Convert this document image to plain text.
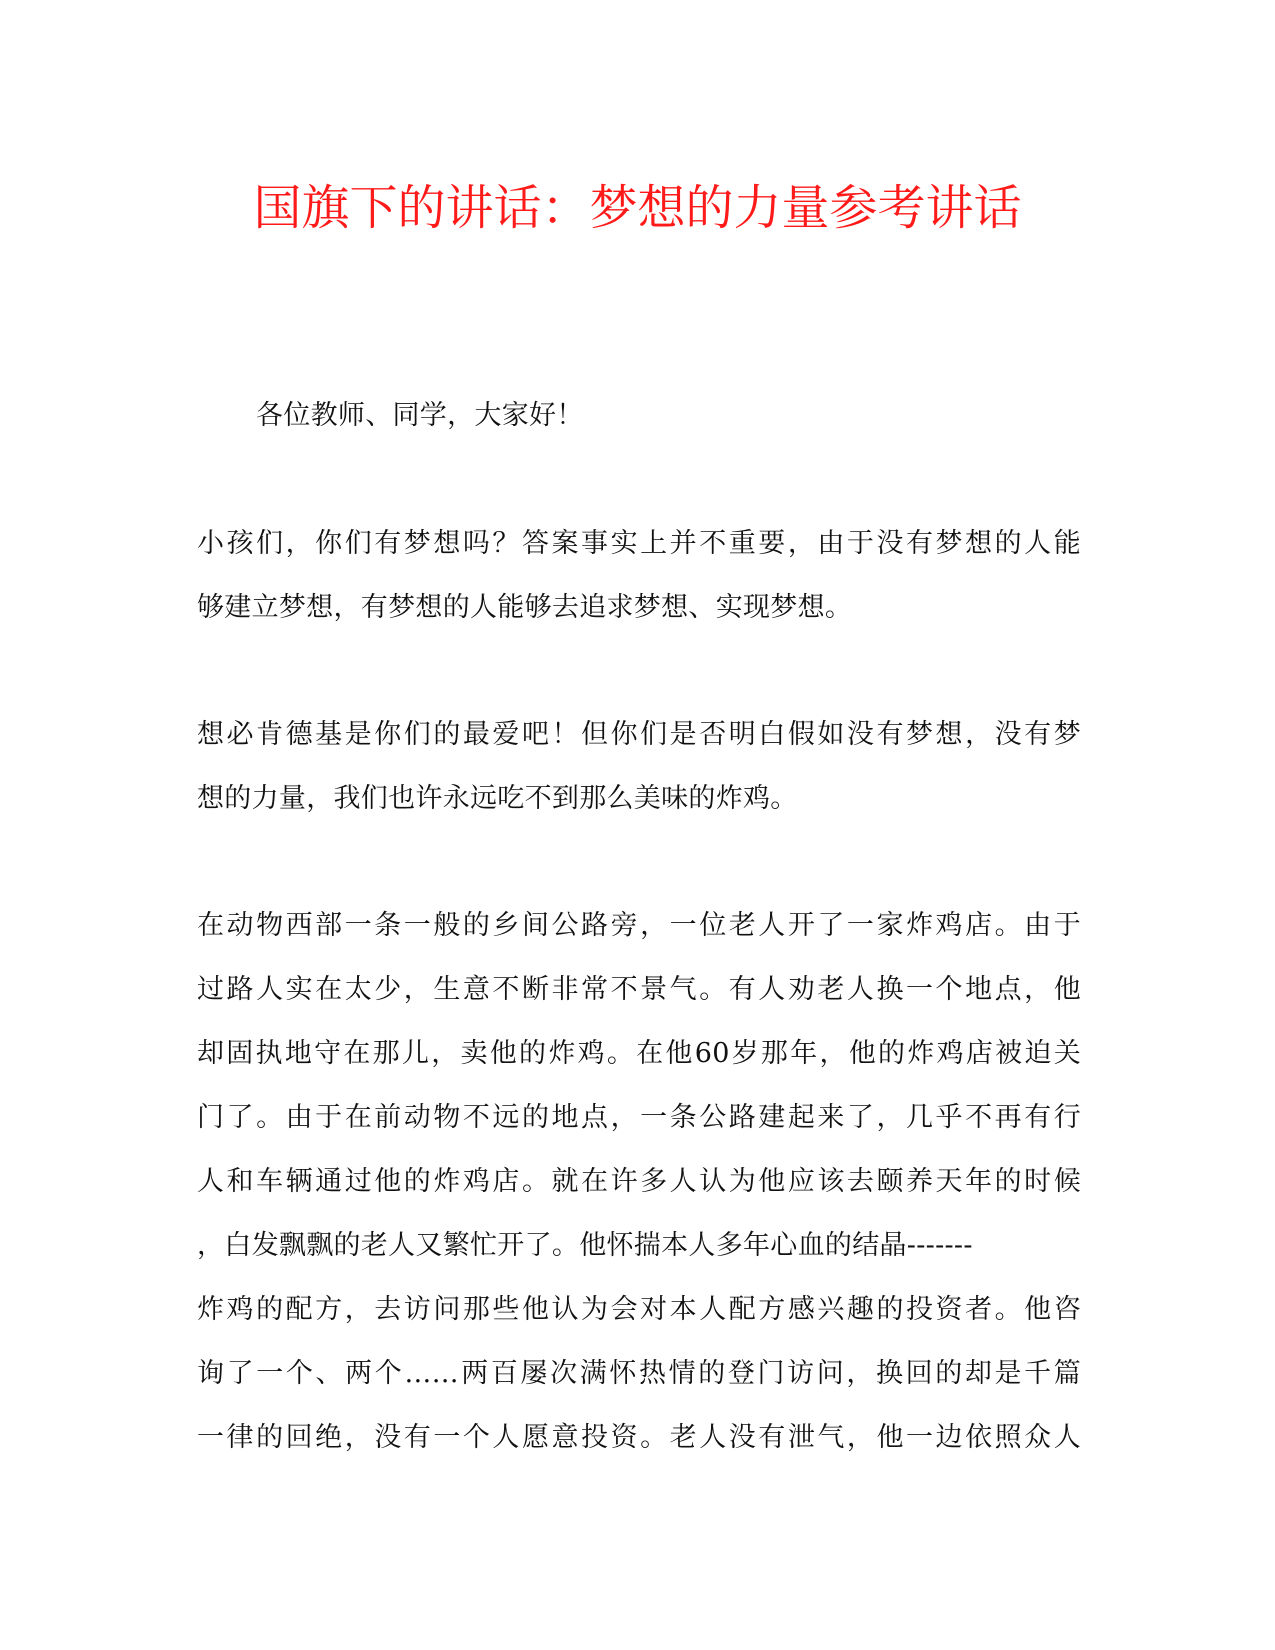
国旗下的讲话：梦想的力量参考讲话
各位教师、同学，大家好！
小孩们，你们有梦想吗？答案事实上并不重要，由于没有梦想的人能
够建立梦想，有梦想的人能够去追求梦想、实现梦想。
想必肯德基是你们的最爱吧！但你们是否明白假如没有梦想，没有梦
想的力量，我们也许永远吃不到那么美味的炸鸡。
在动物西部一条一般的乡间公路旁，一位老人开了一家炸鸡店。由于
过路人实在太少，生意不断非常不景气。有人劝老人换一个地点，他
却固执地守在那儿，卖他的炸鸡。在他60岁那年，他的炸鸡店被迫关
门了。由于在前动物不远的地点，一条公路建起来了，几乎不再有行
人和车辆通过他的炸鸡店。就在许多人认为他应该去颐养天年的时候
，白发飘飘的老人又繁忙开了。他怀揣本人多年心血的结晶-------
炸鸡的配方，去访问那些他认为会对本人配方感兴趣的投资者。他咨
询了一个、两个……两百屡次满怀热情的登门访问，换回的却是千篇
一律的回绝，没有一个人愿意投资。老人没有泄气，他一边依照众人
